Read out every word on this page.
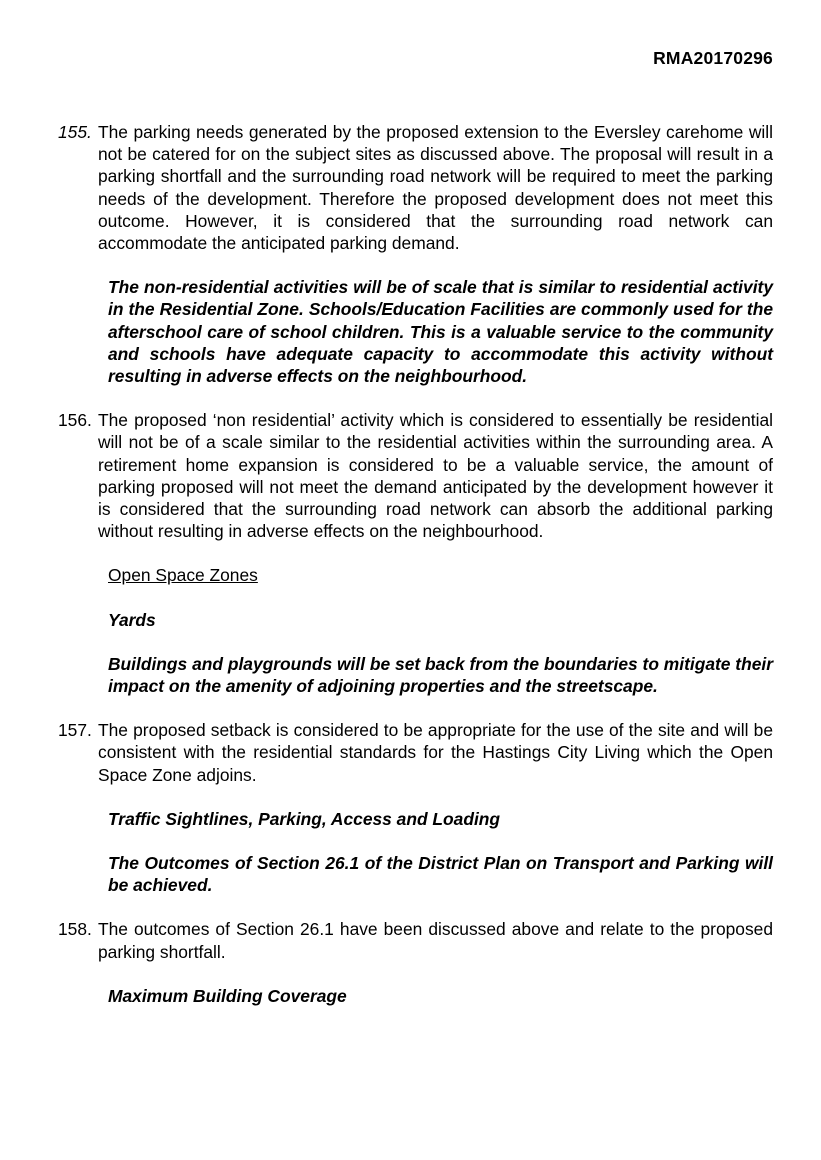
RMA20170296
155. The parking needs generated by the proposed extension to the Eversley carehome will not be catered for on the subject sites as discussed above. The proposal will result in a parking shortfall and the surrounding road network will be required to meet the parking needs of the development. Therefore the proposed development does not meet this outcome. However, it is considered that the surrounding road network can accommodate the anticipated parking demand.
The non-residential activities will be of scale that is similar to residential activity in the Residential Zone. Schools/Education Facilities are commonly used for the afterschool care of school children. This is a valuable service to the community and schools have adequate capacity to accommodate this activity without resulting in adverse effects on the neighbourhood.
156. The proposed ‘non residential’ activity which is considered to essentially be residential will not be of a scale similar to the residential activities within the surrounding area. A retirement home expansion is considered to be a valuable service, the amount of parking proposed will not meet the demand anticipated by the development however it is considered that the surrounding road network can absorb the additional parking without resulting in adverse effects on the neighbourhood.
Open Space Zones
Yards
Buildings and playgrounds will be set back from the boundaries to mitigate their impact on the amenity of adjoining properties and the streetscape.
157. The proposed setback is considered to be appropriate for the use of the site and will be consistent with the residential standards for the Hastings City Living which the Open Space Zone adjoins.
Traffic Sightlines, Parking, Access and Loading
The Outcomes of Section 26.1 of the District Plan on Transport and Parking will be achieved.
158. The outcomes of Section 26.1 have been discussed above and relate to the proposed parking shortfall.
Maximum Building Coverage
